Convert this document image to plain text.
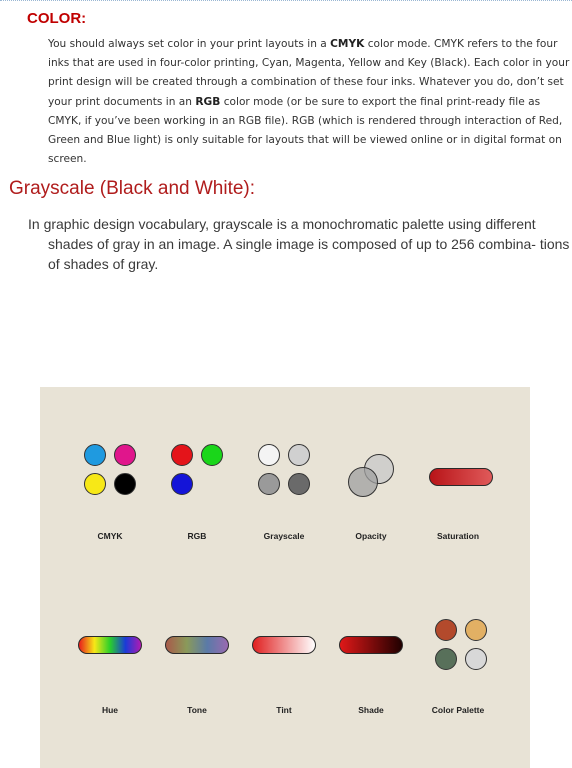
COLOR:

You should always set color in your print layouts in a CMYK color mode. CMYK refers to the four inks that are used in four-color printing, Cyan, Magenta, Yellow and Key (Black). Each color in your print design will be created through a combination of these four inks. Whatever you do, don’t set your print documents in an RGB color mode (or be sure to export the final print-ready file as CMYK, if you’ve been working in an RGB file). RGB (which is rendered through interaction of Red, Green and Blue light) is only suitable for layouts that will be viewed online or in digital format on screen.

Grayscale (Black and White):

In graphic design vocabulary, grayscale is a monochromatic palette using different shades of gray in an image. A single image is composed of up to 256 combina- tions of shades of gray.

CMYK	RGB	Grayscale	Opacity	Saturation
Hue	Tone	Tint	Shade	Color Palette
